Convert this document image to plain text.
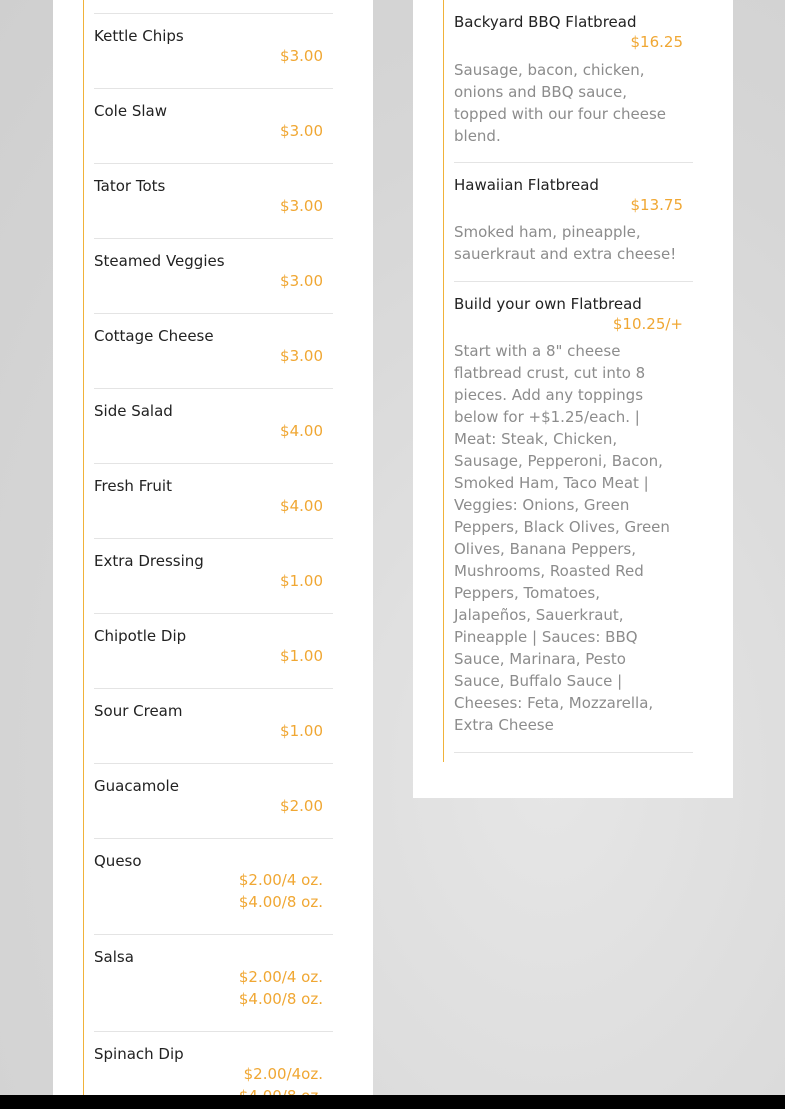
Kettle Chips
$3.00
Cole Slaw
$3.00
Tator Tots
$3.00
Steamed Veggies
$3.00
Cottage Cheese
$3.00
Side Salad
$4.00
Fresh Fruit
$4.00
Extra Dressing
$1.00
Chipotle Dip
$1.00
Sour Cream
$1.00
Guacamole
$2.00
Queso
$2.00/4 oz.
$4.00/8 oz.
Salsa
$2.00/4 oz.
$4.00/8 oz.
Spinach Dip
$2.00/4oz.
Backyard BBQ Flatbread
$16.25
Sausage, bacon, chicken, onions and BBQ sauce, topped with our four cheese blend.
Hawaiian Flatbread
$13.75
Smoked ham, pineapple, sauerkraut and extra cheese!
Build your own Flatbread
$10.25/+
Start with a 8" cheese flatbread crust, cut into 8 pieces. Add any toppings below for +$1.25/each. | Meat: Steak, Chicken, Sausage, Pepperoni, Bacon, Smoked Ham, Taco Meat | Veggies: Onions, Green Peppers, Black Olives, Green Olives, Banana Peppers, Mushrooms, Roasted Red Peppers, Tomatoes, Jalapeños, Sauerkraut, Pineapple | Sauces: BBQ Sauce, Marinara, Pesto Sauce, Buffalo Sauce | Cheeses: Feta, Mozzarella, Extra Cheese
